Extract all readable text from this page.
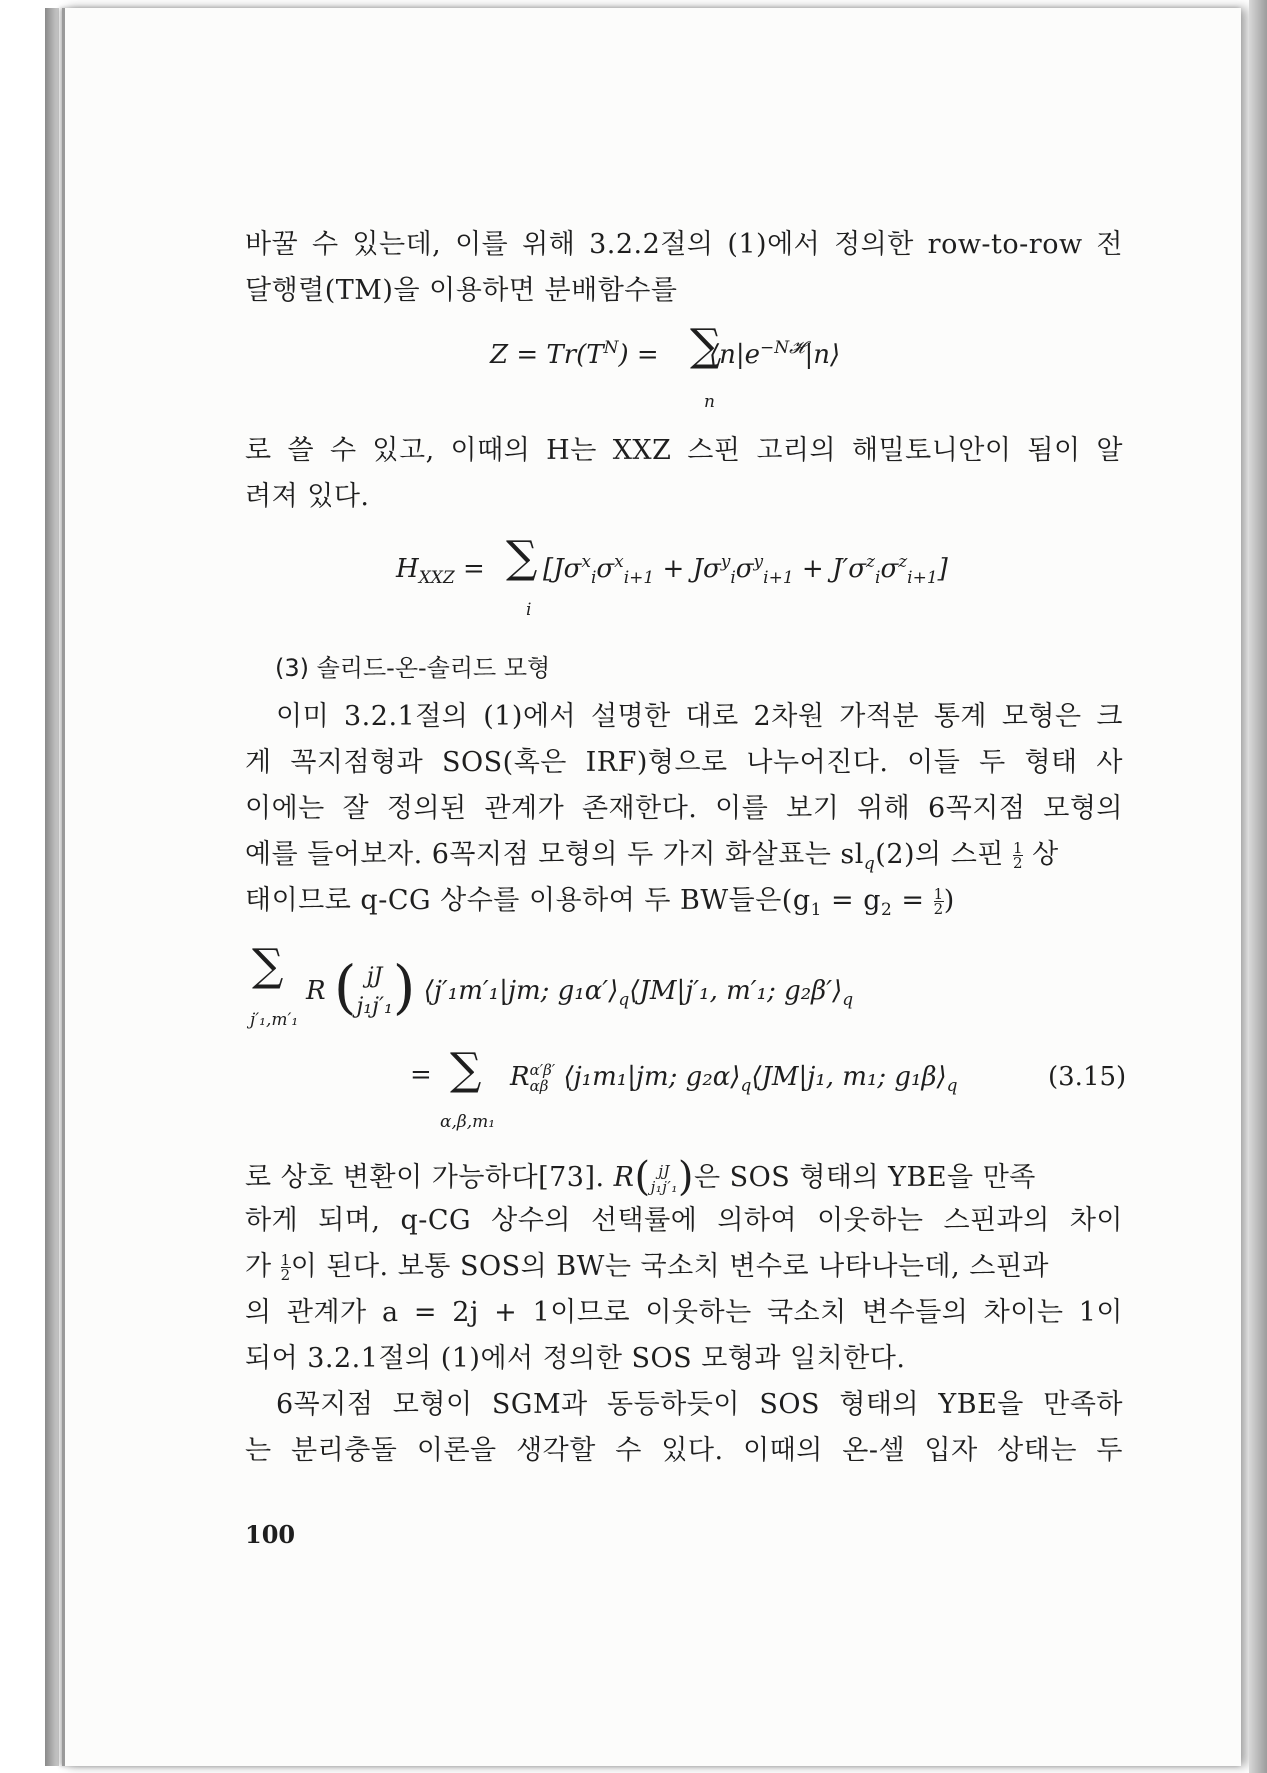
바꿀 수 있는데, 이를 위해 3.2.2절의 (1)에서 정의한 row-to-row 전
달행렬(TM)을 이용하면 분배함수를
$Z = Tr(T^N)$ = $⟨n|e^{-N𝓗}|n⟩$
∑
n
로 쓸 수 있고, 이때의 H는 XXZ 스핀 고리의 해밀토니안이 됨이 알
려져 있다.
$H_{XXZ} = [J\sigma^x_i\sigma^x_{i+1} + J\sigma^y_i\sigma^y_{i+1} + J'\sigma^z_i\sigma^z_{i+1}]$
∑
i
(3) 솔리드-온-솔리드 모형
이미 3.2.1절의 (1)에서 설명한 대로 2차원 가적분 통계 모형은 크
게 꼭지점형과 SOS(혹은 IRF)형으로 나누어진다. 이들 두 형태 사
이에는 잘 정의된 관계가 존재한다. 이를 보기 위해 6꼭지점 모형의
예를 들어보자. 6꼭지점 모형의 두 가지 화살표는 $sl_q(2)$의 스핀 $\frac{1}{2}$ 상
태이므로 q-CG 상수를 이용하여 두 BW들은($g_1 = g_2 = \frac{1}{2}$ )
∑
j′₁,m′₁
R ( jJ
j₁j′₁ ) ⟨j′₁m′₁|jm; $g_1\alpha'⟩_q⟨JM|j'_1$, m′₁; $g_2\beta'⟩_q$
= ∑
α,β,m₁
R α′β′
αβ ⟨j₁m₁|jm; $g_2\alpha⟩_q⟨JM|j_1$, m₁; $g_1\beta⟩_q$	(3.15)
로 상호 변환이 가능하다[73]. R( jJ
j₁j′₁ )은 SOS 형태의 YBE을 만족
하게 되며, q-CG 상수의 선택률에 의하여 이웃하는 스핀과의 차이
가 $\frac{1}{2}$ 이 된다. 보통 SOS의 BW는 국소치 변수로 나타나는데, 스핀과
의 관계가 a = 2j + 1이므로 이웃하는 국소치 변수들의 차이는 1이
되어 3.2.1절의 (1)에서 정의한 SOS 모형과 일치한다.
6꼭지점 모형이 SGM과 동등하듯이 SOS 형태의 YBE을 만족하
는 분리충돌 이론을 생각할 수 있다. 이때의 온-셀 입자 상태는 두
100
